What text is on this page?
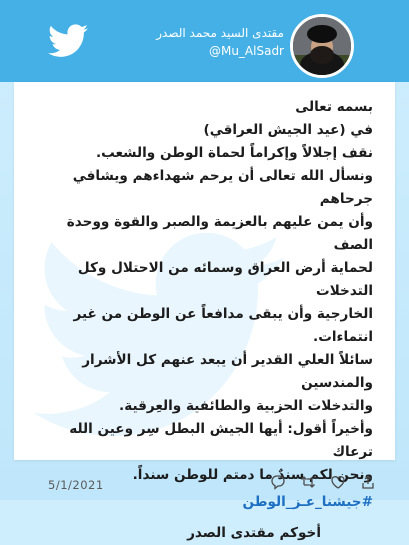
مقتدى السيد محمد الصدر
@Mu_AlSadr

بسمه تعالى

في (عيد الجيش العراقي)

نقف إجلالاً وإكراماً لحماة الوطن والشعب.

ونسأل الله تعالى أن يرحم شهداءهم ويشافي جرحاهم

وأن يمن عليهم بالعزيمة والصبر والقوة ووحدة الصف

لحماية أرض العراق وسمائه من الاحتلال وكل التدخلات

الخارجية وأن يبقى مدافعاً عن الوطن من غير انتماءات.

سائلاً العلي القدير أن يبعد عنهم كل الأشرار والمندسين

والتدخلات الحزبية والطائفية والعِرقية.

وأخيراً أقول: أيها الجيش البطل سِر وعين الله ترعاك

ونحن لكم سندٌ ما دمتم للوطن سنداً.

#جيشنا_عـز_الوطن

أخوكم مقتدى الصدر

5/1/2021
